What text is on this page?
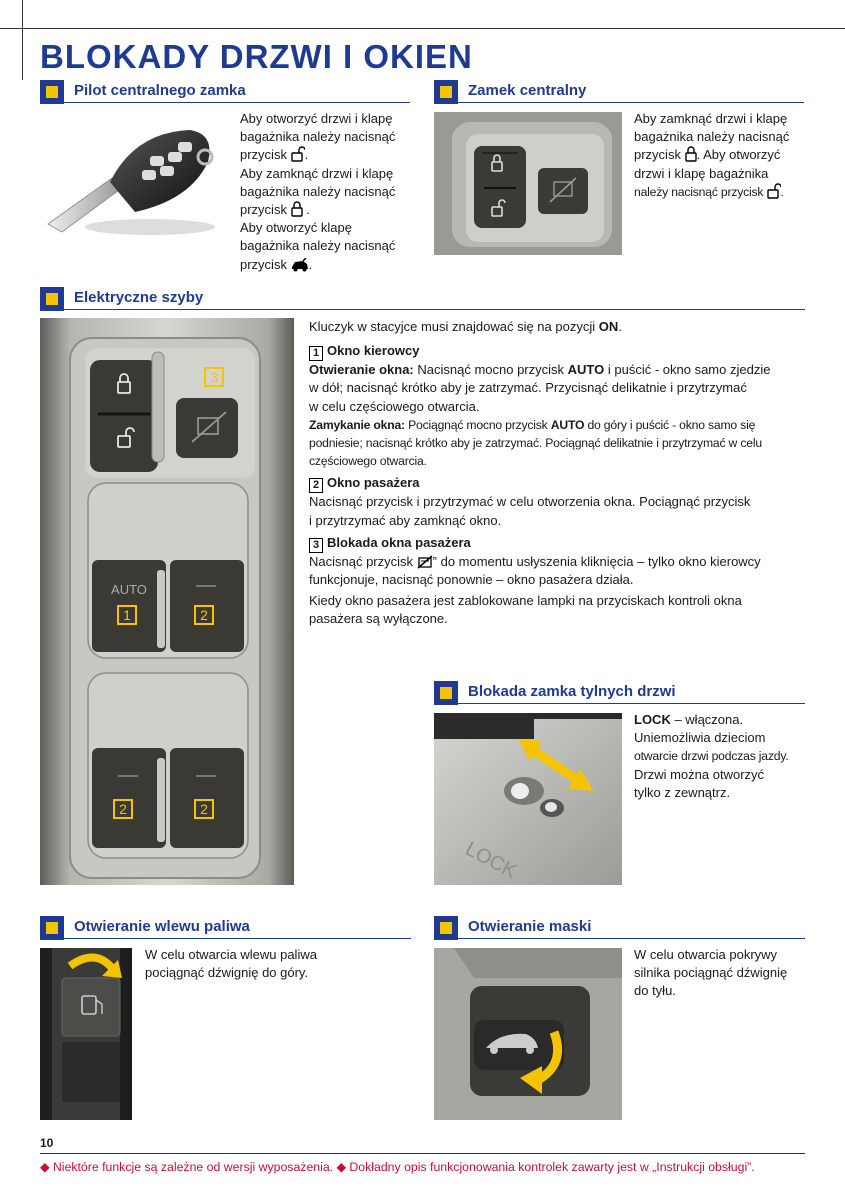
BLOKADY DRZWI I OKIEN
Pilot centralnego zamka

Aby otworzyć drzwi i klapę

bagażnika należy nacisnąć

przycisk .

Aby zamknąć drzwi i klapę

bagażnika należy nacisnąć

przycisk .

Aby otworzyć klapę

bagażnika należy nacisnąć

przycisk .

Zamek centralny

Aby zamknąć drzwi i klapę

bagażnika należy nacisnąć

przycisk . Aby otworzyć

drzwi i klapę bagażnika

należy nacisnąć przycisk .

Elektryczne szyby
3
AUTO
1	2
2	2

Kluczyk w stacyjce musi znajdować się na pozycji ON.

1 Okno kierowcy

Otwieranie okna: Nacisnąć mocno przycisk AUTO i puścić - okno samo zjedzie

w dół; nacisnąć krótko aby je zatrzymać. Przycisnąć delikatnie i przytrzymać

w celu częściowego otwarcia.

Zamykanie okna: Pociągnąć mocno przycisk AUTO do góry i puścić - okno samo się

podniesie; nacisnąć krótko aby je zatrzymać. Pociągnąć delikatnie i przytrzymać w celu

częściowego otwarcia.

2 Okno pasażera

Nacisnąć przycisk i przytrzymać w celu otworzenia okna. Pociągnąć przycisk

i przytrzymać aby zamknąć okno.

3 Blokada okna pasażera

Nacisnąć przycisk ” do momentu usłyszenia kliknięcia – tylko okno kierowcy

funkcjonuje, nacisnąć ponownie – okno pasażera działa.

Kiedy okno pasażera jest zablokowane lampki na przyciskach kontroli okna

pasażera są wyłączone.

Blokada zamka tylnych drzwi
LOCK

LOCK – włączona.

Uniemożliwia dzieciom

otwarcie drzwi podczas jazdy.

Drzwi można otworzyć

tylko z zewnątrz.

Otwieranie wlewu paliwa

W celu otwarcia wlewu paliwa

pociągnąć dźwignię do góry.

Otwieranie maski

W celu otwarcia pokrywy

silnika pociągnąć dźwignię

do tyłu.

10
◆ Niektóre funkcje są zależne od wersji wyposażenia. ◆ Dokładny opis funkcjonowania kontrolek zawarty jest w „Instrukcji obsługi”.
